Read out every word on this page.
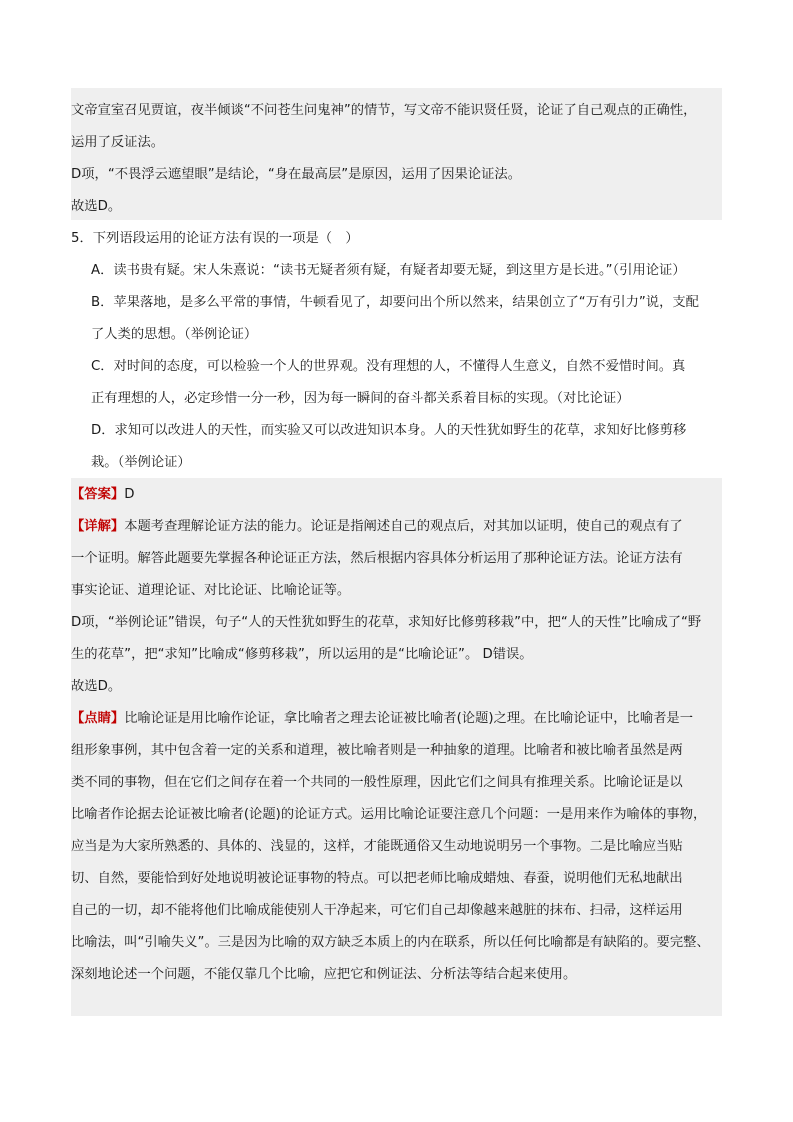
文帝宣室召见贾谊，夜半倾谈“不问苍生问鬼神”的情节，写文帝不能识贤任贤，论证了自己观点的正确性，
运用了反证法。
D项，“不畏浮云遮望眼”是结论，“身在最高层”是原因，运用了因果论证法。
故选D。
5．下列语段运用的论证方法有误的一项是（　）
A．读书贵有疑。宋人朱熹说：“读书无疑者须有疑，有疑者却要无疑，到这里方是长进。”（引用论证）
B．苹果落地，是多么平常的事情，牛顿看见了，却要问出个所以然来，结果创立了“万有引力”说，支配
了人类的思想。（举例论证）
C．对时间的态度，可以检验一个人的世界观。没有理想的人，不懂得人生意义，自然不爱惜时间。真
正有理想的人，必定珍惜一分一秒，因为每一瞬间的奋斗都关系着目标的实现。（对比论证）
D．求知可以改进人的天性，而实验又可以改进知识本身。人的天性犹如野生的花草，求知好比修剪移
栽。（举例论证）
【答案】D
【详解】本题考查理解论证方法的能力。论证是指阐述自己的观点后，对其加以证明，使自己的观点有了
一个证明。解答此题要先掌握各种论证正方法，然后根据内容具体分析运用了那种论证方法。论证方法有
事实论证、道理论证、对比论证、比喻论证等。
D项，“举例论证”错误，句子“人的天性犹如野生的花草，求知好比修剪移栽”中，把“人的天性”比喻成了“野
生的花草”，把“求知”比喻成“修剪移栽”，所以运用的是“比喻论证”。 D错误。
故选D。
【点睛】比喻论证是用比喻作论证，拿比喻者之理去论证被比喻者(论题)之理。在比喻论证中，比喻者是一
组形象事例，其中包含着一定的关系和道理，被比喻者则是一种抽象的道理。比喻者和被比喻者虽然是两
类不同的事物，但在它们之间存在着一个共同的一般性原理，因此它们之间具有推理关系。比喻论证是以
比喻者作论据去论证被比喻者(论题)的论证方式。运用比喻论证要注意几个问题：一是用来作为喻体的事物，
应当是为大家所熟悉的、具体的、浅显的，这样，才能既通俗又生动地说明另一个事物。二是比喻应当贴
切、自然，要能恰到好处地说明被论证事物的特点。可以把老师比喻成蜡烛、春蚕，说明他们无私地献出
自己的一切，却不能将他们比喻成能使别人干净起来，可它们自己却像越来越脏的抹布、扫帚，这样运用
比喻法，叫“引喻失义”。三是因为比喻的双方缺乏本质上的内在联系，所以任何比喻都是有缺陷的。要完整、
深刻地论述一个问题，不能仅靠几个比喻，应把它和例证法、分析法等结合起来使用。
